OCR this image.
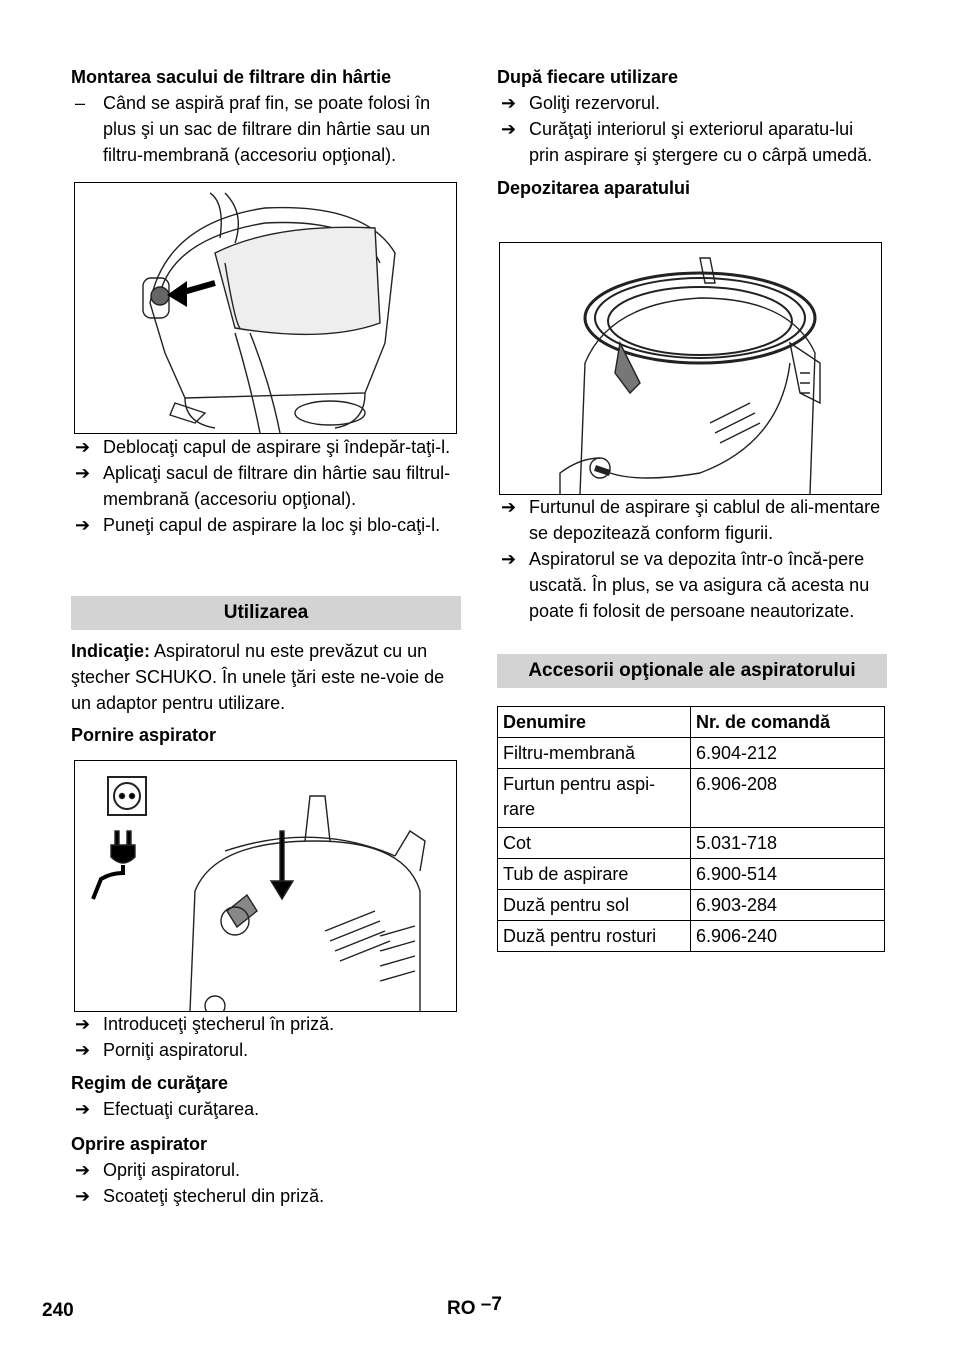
Montarea sacului de filtrare din hârtie
– Când se aspiră praf fin, se poate folosi în plus şi un sac de filtrare din hârtie sau un filtru-membrană (accesoriu opţional).
➔ Deblocaţi capul de aspirare şi îndepăr-taţi-l.
➔ Aplicaţi sacul de filtrare din hârtie sau filtrul-membrană (accesoriu opţional).
➔ Puneţi capul de aspirare la loc şi blo-caţi-l.
Utilizarea
Indicaţie: Aspiratorul nu este prevăzut cu un ştecher SCHUKO. În unele ţări este ne-voie de un adaptor pentru utilizare.
Pornire aspirator
➔ Introduceţi ştecherul în priză.
➔ Porniţi aspiratorul.
Regim de curăţare
➔ Efectuaţi curăţarea.
Oprire aspirator
➔ Opriţi aspiratorul.
➔ Scoateţi ştecherul din priză.
După fiecare utilizare
➔ Goliţi rezervorul.
➔ Curăţaţi interiorul şi exteriorul aparatu-lui prin aspirare şi ştergere cu o cârpă umedă.
Depozitarea aparatului
➔ Furtunul de aspirare şi cablul de ali-mentare se depozitează conform figurii.
➔ Aspiratorul se va depozita într-o încă-pere uscată. În plus, se va asigura că acesta nu poate fi folosit de persoane neautorizate.
Accesorii opţionale ale aspiratorului
Denumire	Nr. de comandă
Filtru-membrană	6.904-212
Furtun pentru aspi-rare	6.906-208
Cot	5.031-718
Tub de aspirare	6.900-514
Duză pentru sol	6.903-284
Duză pentru rosturi	6.906-240
240	RO –7
